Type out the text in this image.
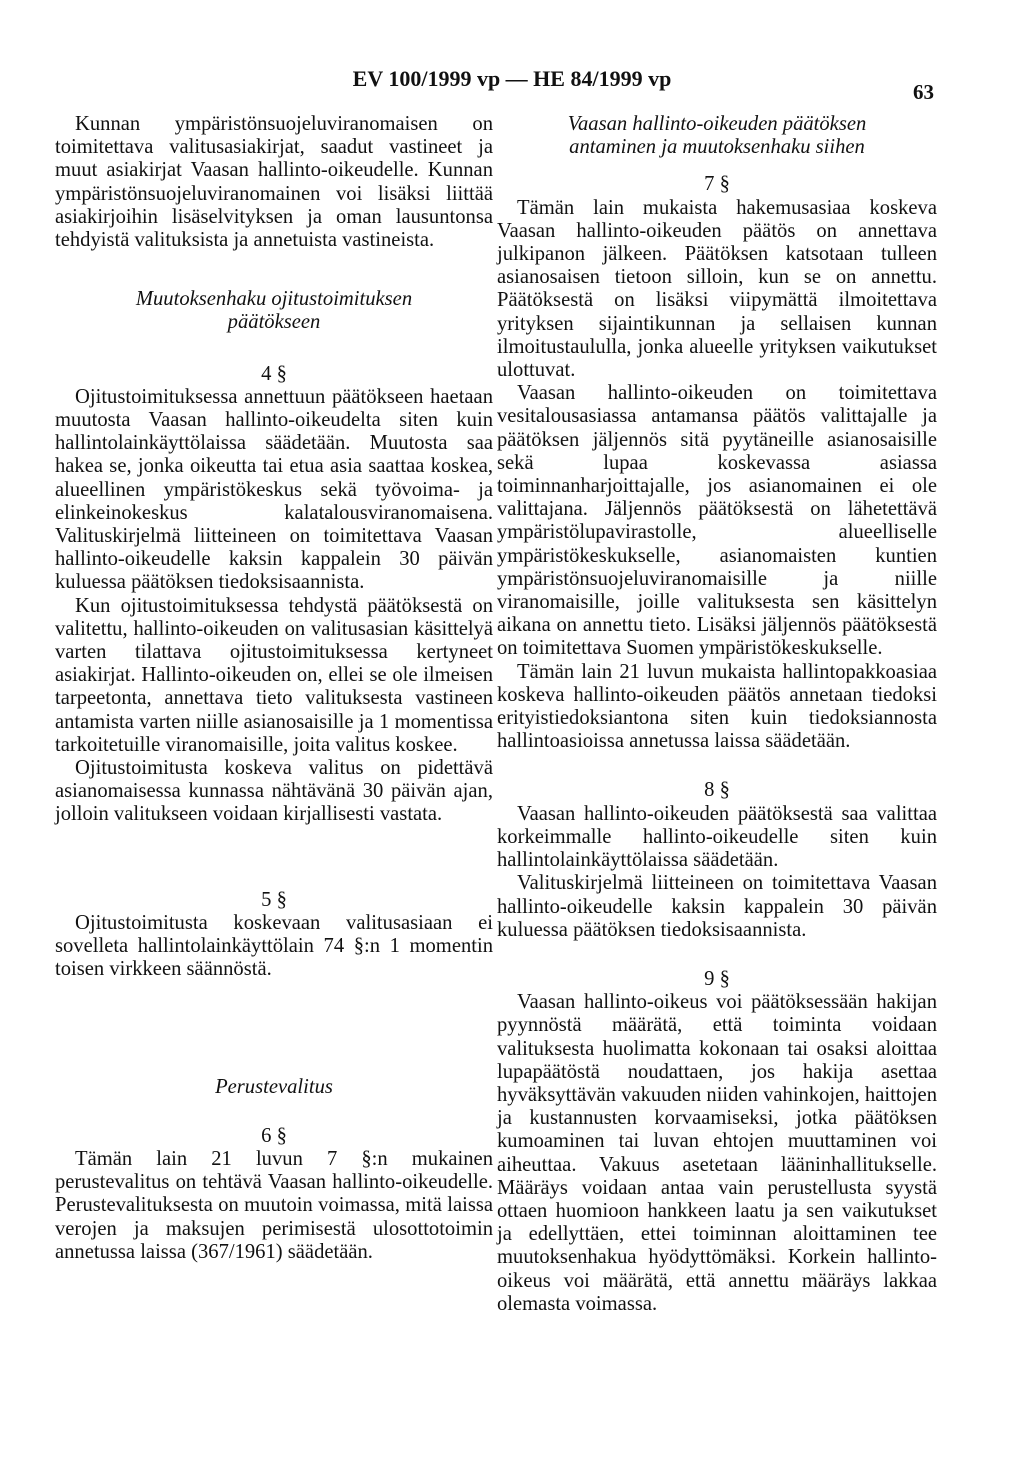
EV 100/1999 vp — HE 84/1999 vp
63

Kunnan ympäristönsuojeluviranomaisen on toimitettava valitusasiakirjat, saadut vastineet ja muut asiakirjat Vaasan hallinto-oikeudelle. Kunnan ympäristönsuojeluviranomainen voi lisäksi liittää asiakirjoihin lisäselvityksen ja oman lausuntonsa tehdyistä valituksista ja annetuista vastineista.

Muutoksenhaku ojitustoimituksen päätökseen

4 §

Ojitustoimituksessa annettuun päätökseen haetaan muutosta Vaasan hallinto-oikeudelta siten kuin hallintolainkäyttölaissa säädetään. Muutosta saa hakea se, jonka oikeutta tai etua asia saattaa koskea, alueellinen ympäristökeskus sekä työvoima- ja elinkeinokeskus kalatalousviranomaisena. Valituskirjelmä liitteineen on toimitettava Vaasan hallinto-oikeudelle kaksin kappalein 30 päivän kuluessa päätöksen tiedoksisaannista.

Kun ojitustoimituksessa tehdystä päätöksestä on valitettu, hallinto-oikeuden on valitusasian käsittelyä varten tilattava ojitustoimituksessa kertyneet asiakirjat. Hallinto-oikeuden on, ellei se ole ilmeisen tarpeetonta, annettava tieto valituksesta vastineen antamista varten niille asianosaisille ja 1 momentissa tarkoitetuille viranomaisille, joita valitus koskee.

Ojitustoimitusta koskeva valitus on pidettävä asianomaisessa kunnassa nähtävänä 30 päivän ajan, jolloin valitukseen voidaan kirjallisesti vastata.

5 §

Ojitustoimitusta koskevaan valitusasiaan ei sovelleta hallintolainkäyttölain 74 §:n 1 momentin toisen virkkeen säännöstä.

Perustevalitus

6 §

Tämän lain 21 luvun 7 §:n mukainen perustevalitus on tehtävä Vaasan hallinto-oikeudelle. Perustevalituksesta on muutoin voimassa, mitä laissa verojen ja maksujen perimisestä ulosottotoimin annetussa laissa (367/1961) säädetään.

Vaasan hallinto-oikeuden päätöksen antaminen ja muutoksenhaku siihen

7 §

Tämän lain mukaista hakemusasiaa koskeva Vaasan hallinto-oikeuden päätös on annettava julkipanon jälkeen. Päätöksen katsotaan tulleen asianosaisen tietoon silloin, kun se on annettu. Päätöksestä on lisäksi viipymättä ilmoitettava yrityksen sijaintikunnan ja sellaisen kunnan ilmoitustaululla, jonka alueelle yrityksen vaikutukset ulottuvat.

Vaasan hallinto-oikeuden on toimitettava vesitalousasiassa antamansa päätös valittajalle ja päätöksen jäljennös sitä pyytäneille asianosaisille sekä lupaa koskevassa asiassa toiminnanharjoittajalle, jos asianomainen ei ole valittajana. Jäljennös päätöksestä on lähetettävä ympäristölupavirastolle, alueelliselle ympäristökeskukselle, asianomaisten kuntien ympäristönsuojeluviranomaisille ja niille viranomaisille, joille valituksesta sen käsittelyn aikana on annettu tieto. Lisäksi jäljennös päätöksestä on toimitettava Suomen ympäristökeskukselle.

Tämän lain 21 luvun mukaista hallintopakkoasiaa koskeva hallinto-oikeuden päätös annetaan tiedoksi erityistiedoksiantona siten kuin tiedoksiannosta hallintoasioissa annetussa laissa säädetään.

8 §

Vaasan hallinto-oikeuden päätöksestä saa valittaa korkeimmalle hallinto-oikeudelle siten kuin hallintolainkäyttölaissa säädetään.

Valituskirjelmä liitteineen on toimitettava Vaasan hallinto-oikeudelle kaksin kappalein 30 päivän kuluessa päätöksen tiedoksisaannista.

9 §

Vaasan hallinto-oikeus voi päätöksessään hakijan pyynnöstä määrätä, että toiminta voidaan valituksesta huolimatta kokonaan tai osaksi aloittaa lupapäätöstä noudattaen, jos hakija asettaa hyväksyttävän vakuuden niiden vahinkojen, haittojen ja kustannusten korvaamiseksi, jotka päätöksen kumoaminen tai luvan ehtojen muuttaminen voi aiheuttaa. Vakuus asetetaan lääninhallitukselle. Määräys voidaan antaa vain perustellusta syystä ottaen huomioon hankkeen laatu ja sen vaikutukset ja edellyttäen, ettei toiminnan aloittaminen tee muutoksenhakua hyödyttömäksi. Korkein hallinto-oikeus voi määrätä, että annettu määräys lakkaa olemasta voimassa.
